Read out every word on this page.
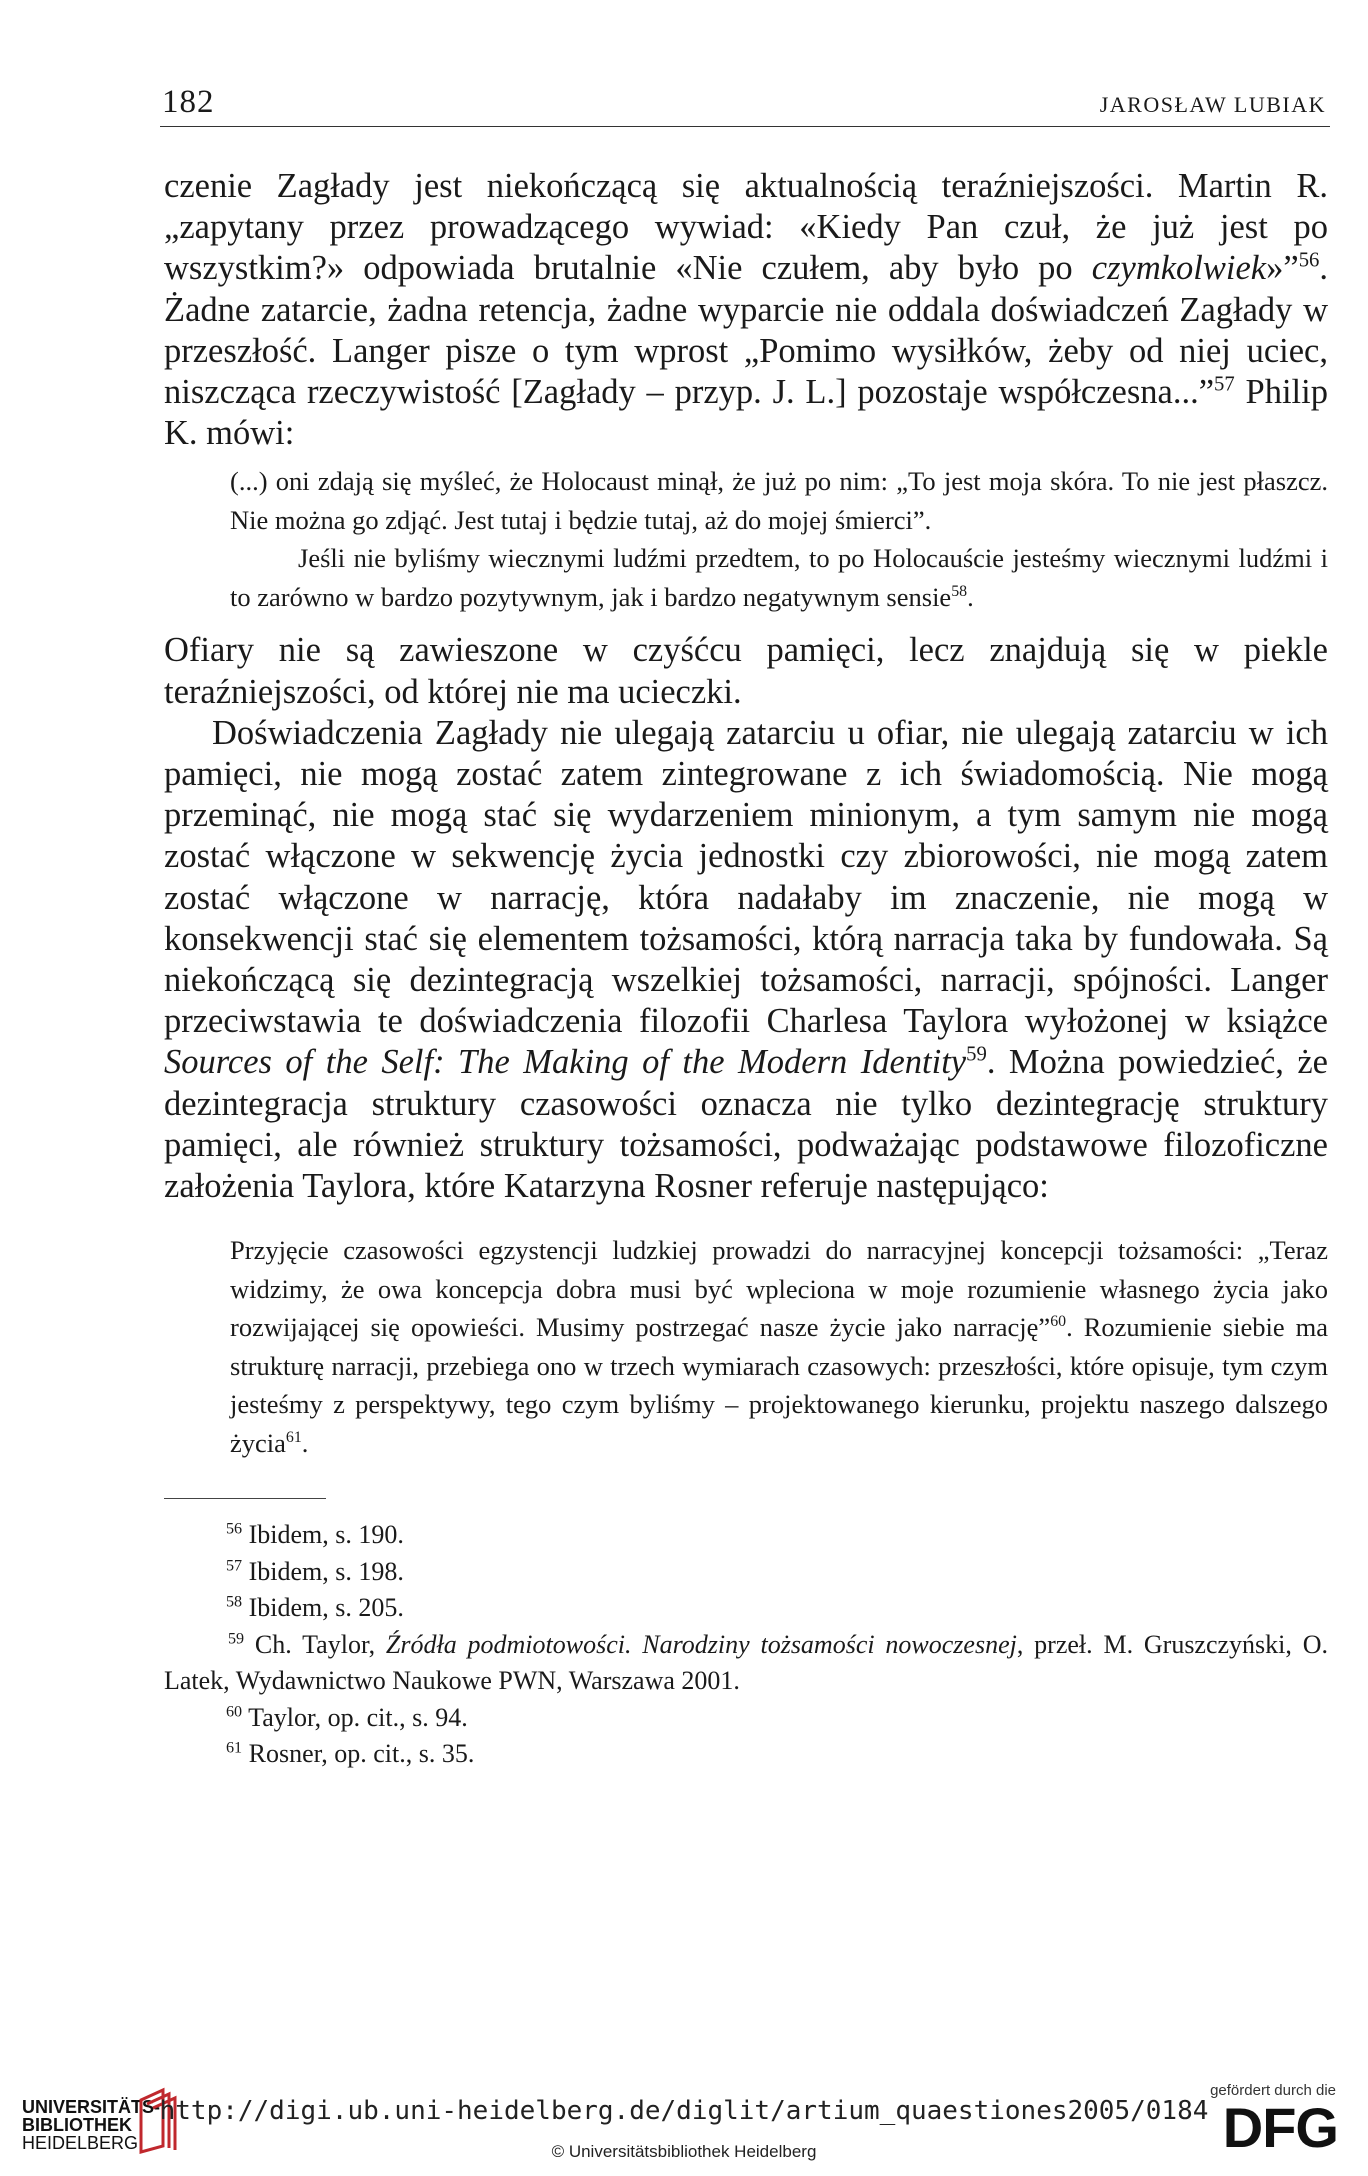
182	JAROSŁAW LUBIAK

czenie Zagłady jest niekończącą się aktualnością teraźniejszości. Martin R. „zapytany przez prowadzącego wywiad: «Kiedy Pan czuł, że już jest po wszystkim?» odpowiada brutalnie «Nie czułem, aby było po czymkolwiek»”$^{56}$. Żadne zatarcie, żadna retencja, żadne wyparcie nie oddala doświadczeń Zagłady w przeszłość. Langer pisze o tym wprost „Pomimo wysiłków, żeby od niej uciec, niszcząca rzeczywistość [Zagłady – przyp. J. L.] pozostaje współczesna...”$^{57}$ Philip K. mówi:

(...) oni zdają się myśleć, że Holocaust minął, że już po nim: „To jest moja skóra. To nie jest płaszcz. Nie można go zdjąć. Jest tutaj i będzie tutaj, aż do mojej śmierci”.

Jeśli nie byliśmy wiecznymi ludźmi przedtem, to po Holocauście jesteśmy wiecznymi ludźmi i to zarówno w bardzo pozytywnym, jak i bardzo negatywnym sensie$^{58}$.

Ofiary nie są zawieszone w czyśćcu pamięci, lecz znajdują się w piekle teraźniejszości, od której nie ma ucieczki.

Doświadczenia Zagłady nie ulegają zatarciu u ofiar, nie ulegają zatarciu w ich pamięci, nie mogą zostać zatem zintegrowane z ich świadomością. Nie mogą przeminąć, nie mogą stać się wydarzeniem minionym, a tym samym nie mogą zostać włączone w sekwencję życia jednostki czy zbiorowości, nie mogą zatem zostać włączone w narrację, która nadałaby im znaczenie, nie mogą w konsekwencji stać się elementem tożsamości, którą narracja taka by fundowała. Są niekończącą się dezintegracją wszelkiej tożsamości, narracji, spójności. Langer przeciwstawia te doświadczenia filozofii Charlesa Taylora wyłożonej w książce Sources of the Self: The Making of the Modern Identity$^{59}$. Można powiedzieć, że dezintegracja struktury czasowości oznacza nie tylko dezintegrację struktury pamięci, ale również struktury tożsamości, podważając podstawowe filozoficzne założenia Taylora, które Katarzyna Rosner referuje następująco:

Przyjęcie czasowości egzystencji ludzkiej prowadzi do narracyjnej koncepcji tożsamości: „Teraz widzimy, że owa koncepcja dobra musi być wpleciona w moje rozumienie własnego życia jako rozwijającej się opowieści. Musimy postrzegać nasze życie jako narrację”$^{60}$. Rozumienie siebie ma strukturę narracji, przebiega ono w trzech wymiarach czasowych: przeszłości, które opisuje, tym czym jesteśmy z perspektywy, tego czym byliśmy – projektowanego kierunku, projektu naszego dalszego życia$^{61}$.

$^{56}$ Ibidem, s. 190.

$^{57}$ Ibidem, s. 198.

$^{58}$ Ibidem, s. 205.

$^{59}$ Ch. Taylor, Źródła podmiotowości. Narodziny tożsamości nowoczesnej, przeł. M. Gruszczyński, O. Latek, Wydawnictwo Naukowe PWN, Warszawa 2001.

$^{60}$ Taylor, op. cit., s. 94.

$^{61}$ Rosner, op. cit., s. 35.

UNIVERSITÄTS-
BIBLIOTHEK
HEIDELBERG
http://digi.ub.uni-heidelberg.de/diglit/artium_quaestiones2005/0184
© Universitätsbibliothek Heidelberg
gefördert durch die
DFG
